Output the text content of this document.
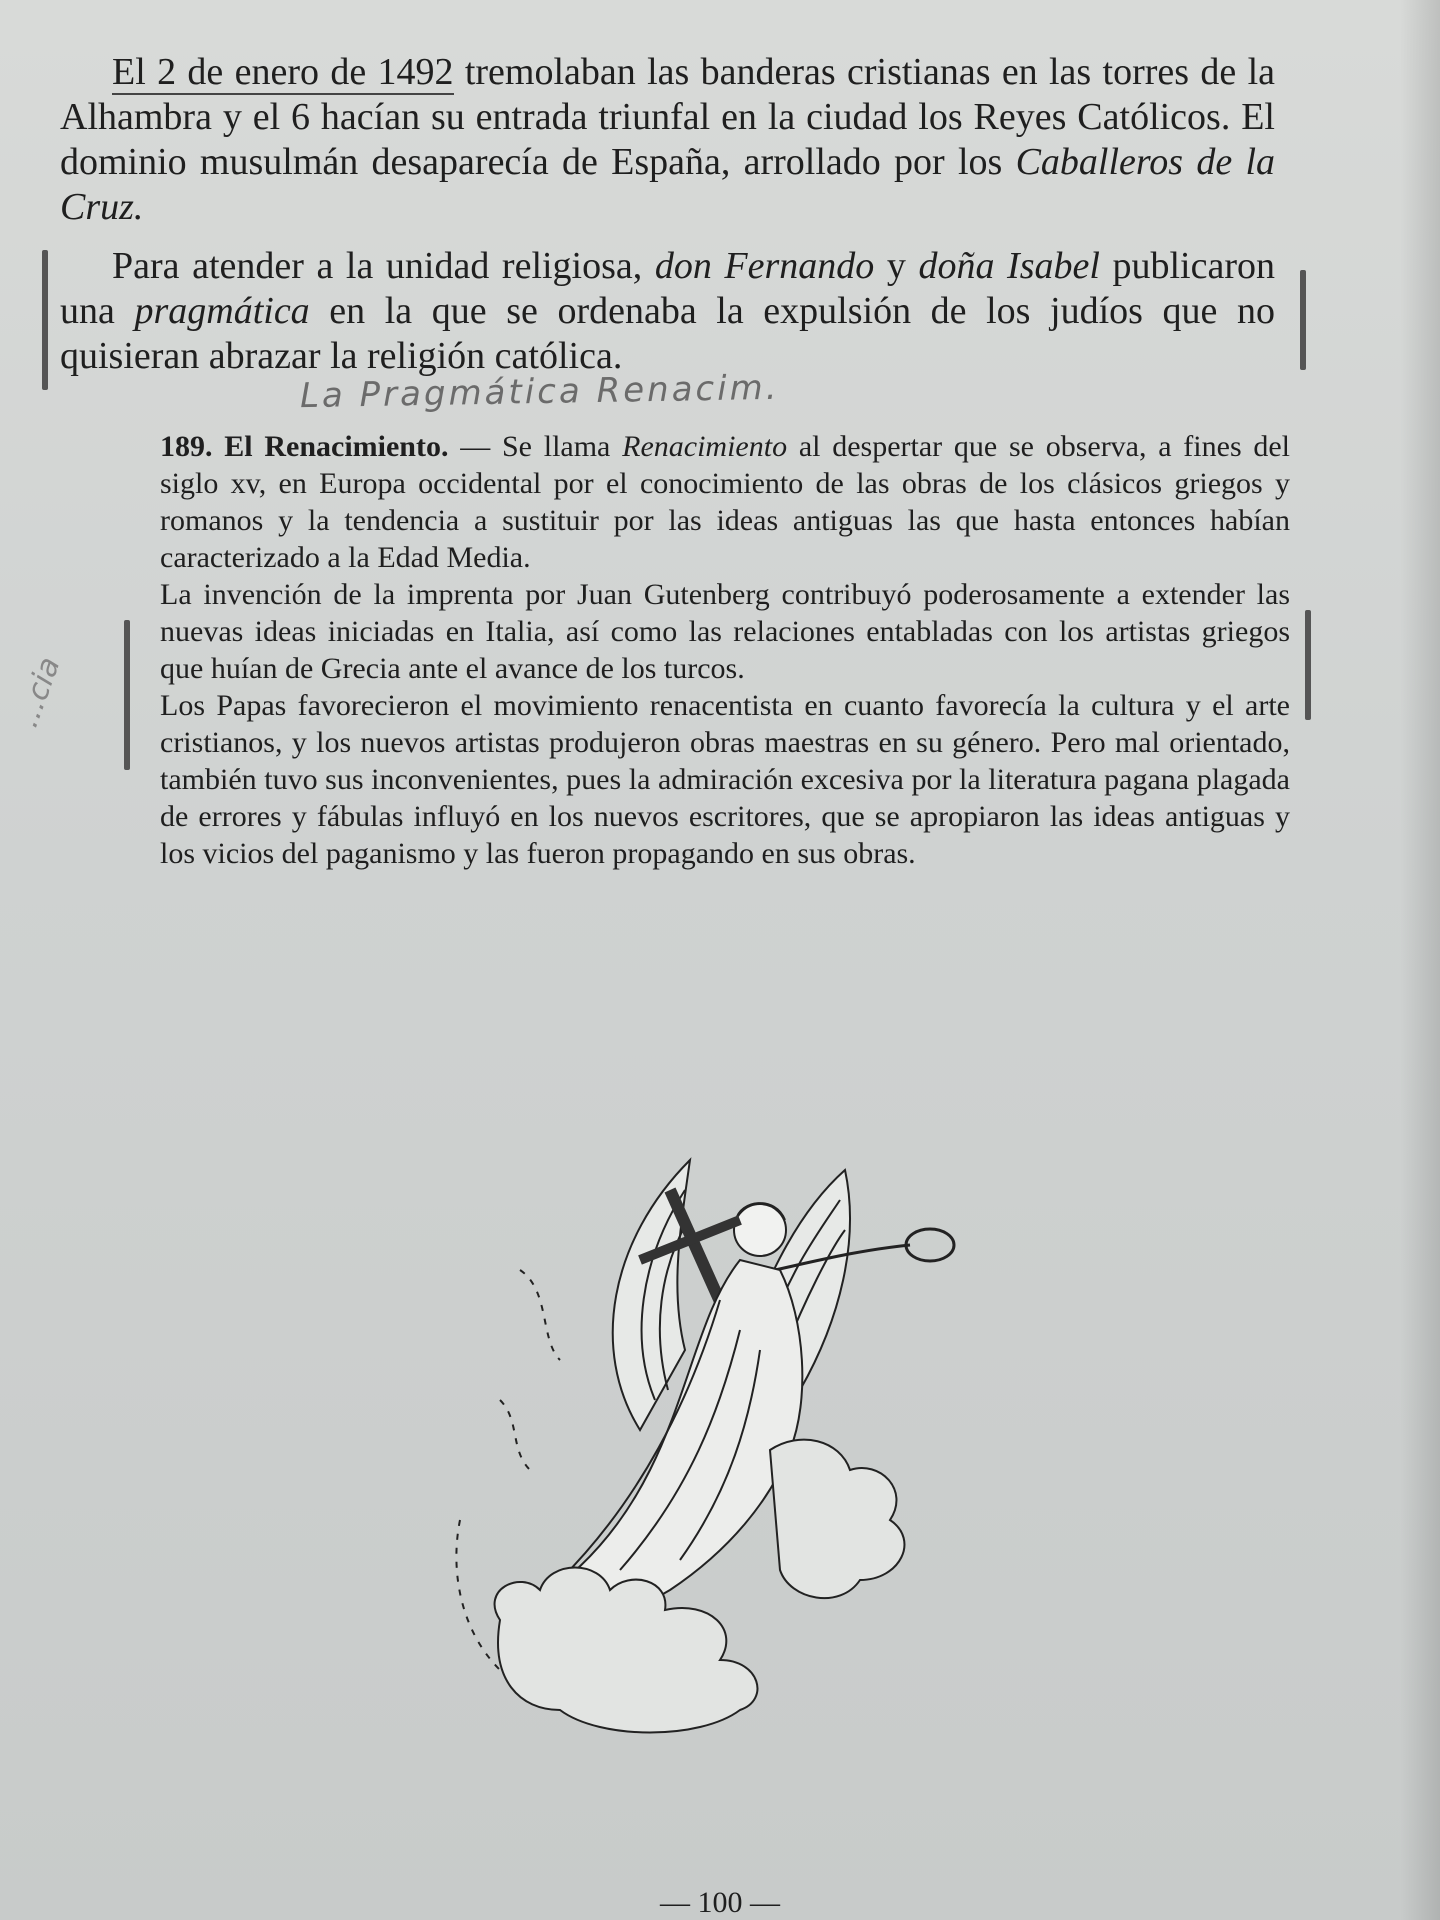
El 2 de enero de 1492 tremolaban las banderas cristianas en las torres de la Alhambra y el 6 hacían su entrada triunfal en la ciudad los Reyes Católicos. El dominio musulmán desaparecía de España, arrollado por los Caballeros de la Cruz.

Para atender a la unidad religiosa, don Fernando y doña Isabel publicaron una pragmática en la que se ordenaba la expulsión de los judíos que no quisieran abrazar la religión católica.

La Pragmática Renacim.
...cia

189. El Renacimiento. — Se llama Renacimiento al despertar que se observa, a fines del siglo xv, en Europa occidental por el conocimiento de las obras de los clásicos griegos y romanos y la tendencia a sustituir por las ideas antiguas las que hasta entonces habían caracterizado a la Edad Media.

La invención de la imprenta por Juan Gutenberg contribuyó poderosamente a extender las nuevas ideas iniciadas en Italia, así como las relaciones entabladas con los artistas griegos que huían de Grecia ante el avance de los turcos.

Los Papas favorecieron el movimiento renacentista en cuanto favorecía la cultura y el arte cristianos, y los nuevos artistas produjeron obras maestras en su género. Pero mal orientado, también tuvo sus inconvenientes, pues la admiración excesiva por la literatura pagana plagada de errores y fábulas influyó en los nuevos escritores, que se apropiaron las ideas antiguas y los vicios del paganismo y las fueron propagando en sus obras.

— 100 —
